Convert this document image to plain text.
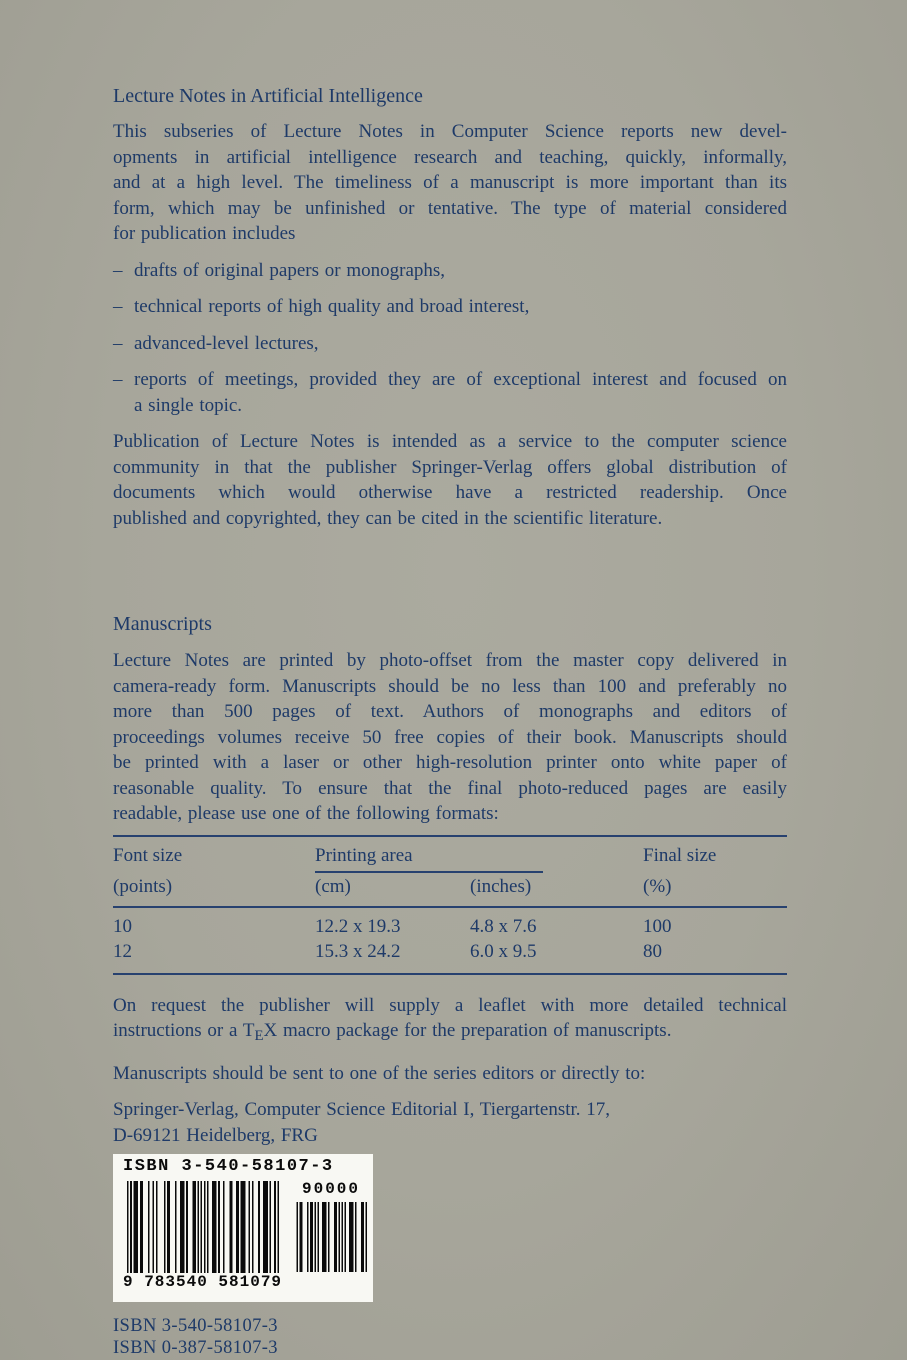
Lecture Notes in Artificial Intelligence
This subseries of Lecture Notes in Computer Science reports new devel-
opments in artificial intelligence research and teaching, quickly, informally,
and at a high level. The timeliness of a manuscript is more important than its
form, which may be unfinished or tentative. The type of material considered
for publication includes
– drafts of original papers or monographs,
– technical reports of high quality and broad interest,
– advanced-level lectures,
– reports of meetings, provided they are of exceptional interest and focused on
a single topic.
Publication of Lecture Notes is intended as a service to the computer science
community in that the publisher Springer-Verlag offers global distribution of
documents which would otherwise have a restricted readership. Once
published and copyrighted, they can be cited in the scientific literature.
Manuscripts
Lecture Notes are printed by photo-offset from the master copy delivered in
camera-ready form. Manuscripts should be no less than 100 and preferably no
more than 500 pages of text. Authors of monographs and editors of
proceedings volumes receive 50 free copies of their book. Manuscripts should
be printed with a laser or other high-resolution printer onto white paper of
reasonable quality. To ensure that the final photo-reduced pages are easily
readable, please use one of the following formats:
Font size	Printing area	Final size
(points)	(cm)	(inches)	(%)
10	12.2 x 19.3	4.8 x 7.6	100
12	15.3 x 24.2	6.0 x 9.5	80
On request the publisher will supply a leaflet with more detailed technical
instructions or a $T_EX$ macro package for the preparation of manuscripts.
Manuscripts should be sent to one of the series editors or directly to:
Springer-Verlag, Computer Science Editorial I, Tiergartenstr. 17,
D-69121 Heidelberg, FRG
ISBN 3-540-58107-3
9 783540 581079
90000
ISBN 3-540-58107-3
ISBN 0-387-58107-3
